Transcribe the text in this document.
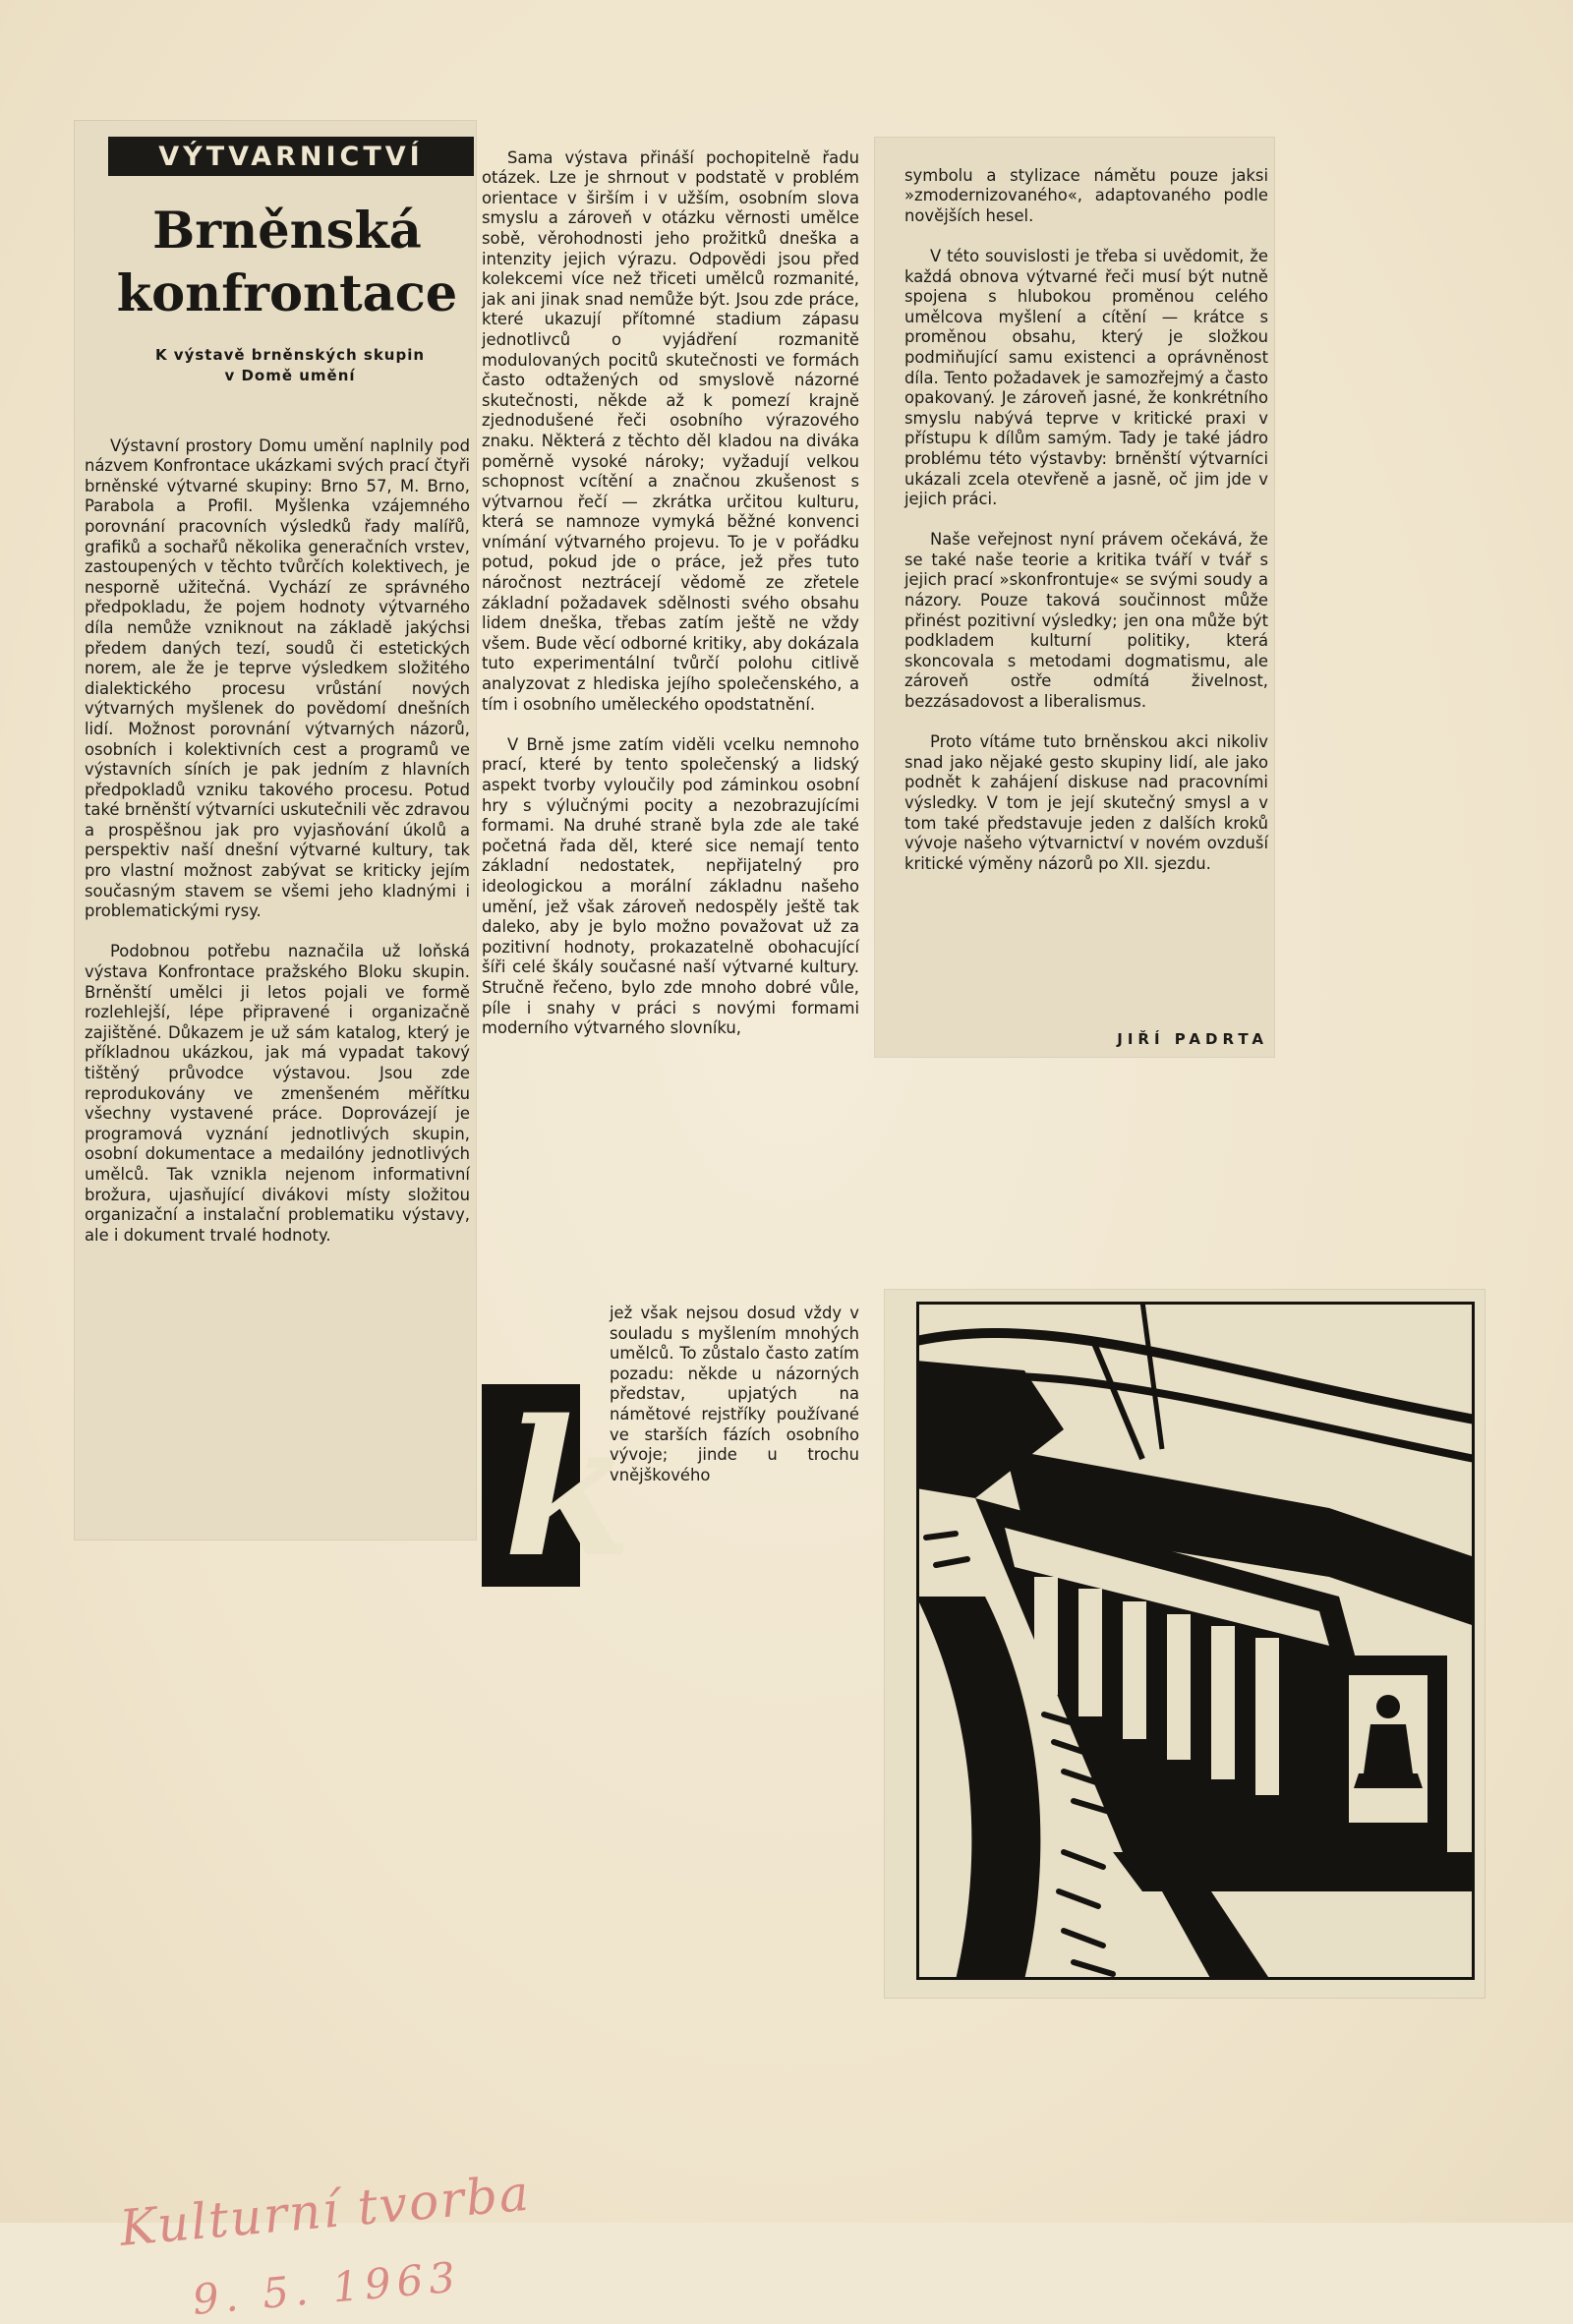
VÝTVARNICTVÍ
Brněnská
konfrontace
K výstavě brněnských skupin
v Domě umění

Výstavní prostory Domu umění naplnily pod názvem Konfrontace ukázkami svých prací čtyři brněnské výtvarné skupiny: Brno 57, M. Brno, Parabola a Profil. Myšlenka vzájemného porovnání pracovních výsledků řady malířů, grafiků a sochařů několika generačních vrstev, zastoupených v těchto tvůrčích kolektivech, je nesporně užitečná. Vychází ze správného předpokladu, že pojem hodnoty výtvarného díla nemůže vzniknout na základě jakýchsi předem daných tezí, soudů či estetických norem, ale že je teprve výsledkem složitého dialektického procesu vrůstání nových výtvarných myšlenek do povědomí dnešních lidí. Možnost porovnání výtvarných názorů, osobních i kolektivních cest a programů ve výstavních síních je pak jedním z hlavních předpokladů vzniku takového procesu. Potud také brněnští výtvarníci uskutečnili věc zdravou a prospěšnou jak pro vyjasňování úkolů a perspektiv naší dnešní výtvarné kultury, tak pro vlastní možnost zabývat se kriticky jejím současným stavem se všemi jeho kladnými i problematickými rysy.

Podobnou potřebu naznačila už loňská výstava Konfrontace pražského Bloku skupin. Brněnští umělci ji letos pojali ve formě rozlehlejší, lépe připravené i organizačně zajištěné. Důkazem je už sám katalog, který je příkladnou ukázkou, jak má vypadat takový tištěný průvodce výstavou. Jsou zde reprodukovány ve zmenšeném měřítku všechny vystavené práce. Doprovázejí je programová vyznání jednotlivých skupin, osobní dokumentace a medailóny jednotlivých umělců. Tak vznikla nejenom informativní brožura, ujasňující divákovi místy složitou organizační a instalační problematiku výstavy, ale i dokument trvalé hodnoty.

Sama výstava přináší pochopitelně řadu otázek. Lze je shrnout v podstatě v problém orientace v širším i v užším, osobním slova smyslu a zároveň v otázku věrnosti umělce sobě, věrohodnosti jeho prožitků dneška a intenzity jejich výrazu. Odpovědi jsou před kolekcemi více než třiceti umělců rozmanité, jak ani jinak snad nemůže být. Jsou zde práce, které ukazují přítomné stadium zápasu jednotlivců o vyjádření rozmanitě modulovaných pocitů skutečnosti ve formách často odtažených od smyslově názorné skutečnosti, někde až k pomezí krajně zjednodušené řeči osobního výrazového znaku. Některá z těchto děl kladou na diváka poměrně vysoké nároky; vyžadují velkou schopnost vcítění a značnou zkušenost s výtvarnou řečí — zkrátka určitou kulturu, která se namnoze vymyká běžné konvenci vnímání výtvarného projevu. To je v pořádku potud, pokud jde o práce, jež přes tuto náročnost neztrácejí vědomě ze zřetele základní požadavek sdělnosti svého obsahu lidem dneška, třebas zatím ještě ne vždy všem. Bude věcí odborné kritiky, aby dokázala tuto experimentální tvůrčí polohu citlivě analyzovat z hlediska jejího společenského, a tím i osobního uměleckého opodstatnění.

V Brně jsme zatím viděli vcelku nemnoho prací, které by tento společenský a lidský aspekt tvorby vyloučily pod záminkou osobní hry s výlučnými pocity a nezobrazujícími formami. Na druhé straně byla zde ale také početná řada děl, které sice nemají tento základní nedostatek, nepřijatelný pro ideologickou a morální základnu našeho umění, jež však zároveň nedospěly ještě tak daleko, aby je bylo možno považovat už za pozitivní hodnoty, prokazatelně obohacující šíři celé škály současné naší výtvarné kultury. Stručně řečeno, bylo zde mnoho dobré vůle, píle i snahy v práci s novými formami moderního výtvarného slovníku,

k
jež však nejsou dosud vždy v souladu s myšlením mnohých umělců. To zůstalo často zatím pozadu: někde u názorných představ, upjatých na námětové rejstříky používané ve starších fázích osobního vývoje; jinde u trochu vnějškového

symbolu a stylizace námětu pouze jaksi »zmodernizovaného«, adaptovaného podle novějších hesel.

V této souvislosti je třeba si uvědomit, že každá obnova výtvarné řeči musí být nutně spojena s hlubokou proměnou celého umělcova myšlení a cítění — krátce s proměnou obsahu, který je složkou podmiňující samu existenci a oprávněnost díla. Tento požadavek je samozřejmý a často opakovaný. Je zároveň jasné, že konkrétního smyslu nabývá teprve v kritické praxi v přístupu k dílům samým. Tady je také jádro problému této výstavby: brněnští výtvarníci ukázali zcela otevřeně a jasně, oč jim jde v jejich práci.

Naše veřejnost nyní právem očekává, že se také naše teorie a kritika tváří v tvář s jejich prací »skonfrontuje« se svými soudy a názory. Pouze taková součinnost může přinést pozitivní výsledky; jen ona může být podkladem kulturní politiky, která skoncovala s metodami dogmatismu, ale zároveň ostře odmítá živelnost, bezzásadovost a liberalismus.

Proto vítáme tuto brněnskou akci nikoliv snad jako nějaké gesto skupiny lidí, ale jako podnět k zahájení diskuse nad pracovními výsledky. V tom je její skutečný smysl a v tom také představuje jeden z dalších kroků vývoje našeho výtvarnictví v novém ovzduší kritické výměny názorů po XII. sjezdu.

JIŘÍ PADRTA
Kulturní tvorba
9. 5. 1963
